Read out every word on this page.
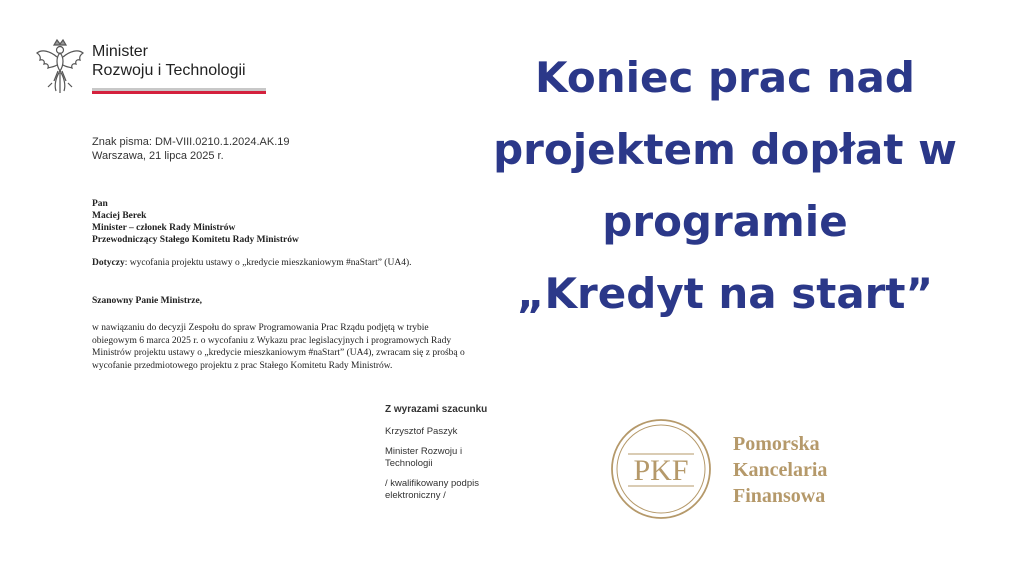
Minister
Rozwoju i Technologii
Znak pisma: DM-VIII.0210.1.2024.AK.19
Warszawa, 21 lipca 2025 r.
Pan
Maciej Berek
Minister – członek Rady Ministrów
Przewodniczący Stałego Komitetu Rady Ministrów
Dotyczy: wycofania projektu ustawy o „kredycie mieszkaniowym #naStart” (UA4).
Szanowny Panie Ministrze,
w nawiązaniu do decyzji Zespołu do spraw Programowania Prac Rządu podjętą w trybie
obiegowym 6 marca 2025 r. o wycofaniu z Wykazu prac legislacyjnych i programowych Rady
Ministrów projektu ustawy o „kredycie mieszkaniowym #naStart” (UA4), zwracam się z prośbą o
wycofanie przedmiotowego projektu z prac Stałego Komitetu Rady Ministrów.
Z wyrazami szacunku
Krzysztof Paszyk
Minister Rozwoju i
Technologii
/ kwalifikowany podpis
elektroniczny /
Koniec prac nad
projektem dopłat w
programie
„Kredyt na start”
PKF
Pomorska
Kancelaria
Finansowa
